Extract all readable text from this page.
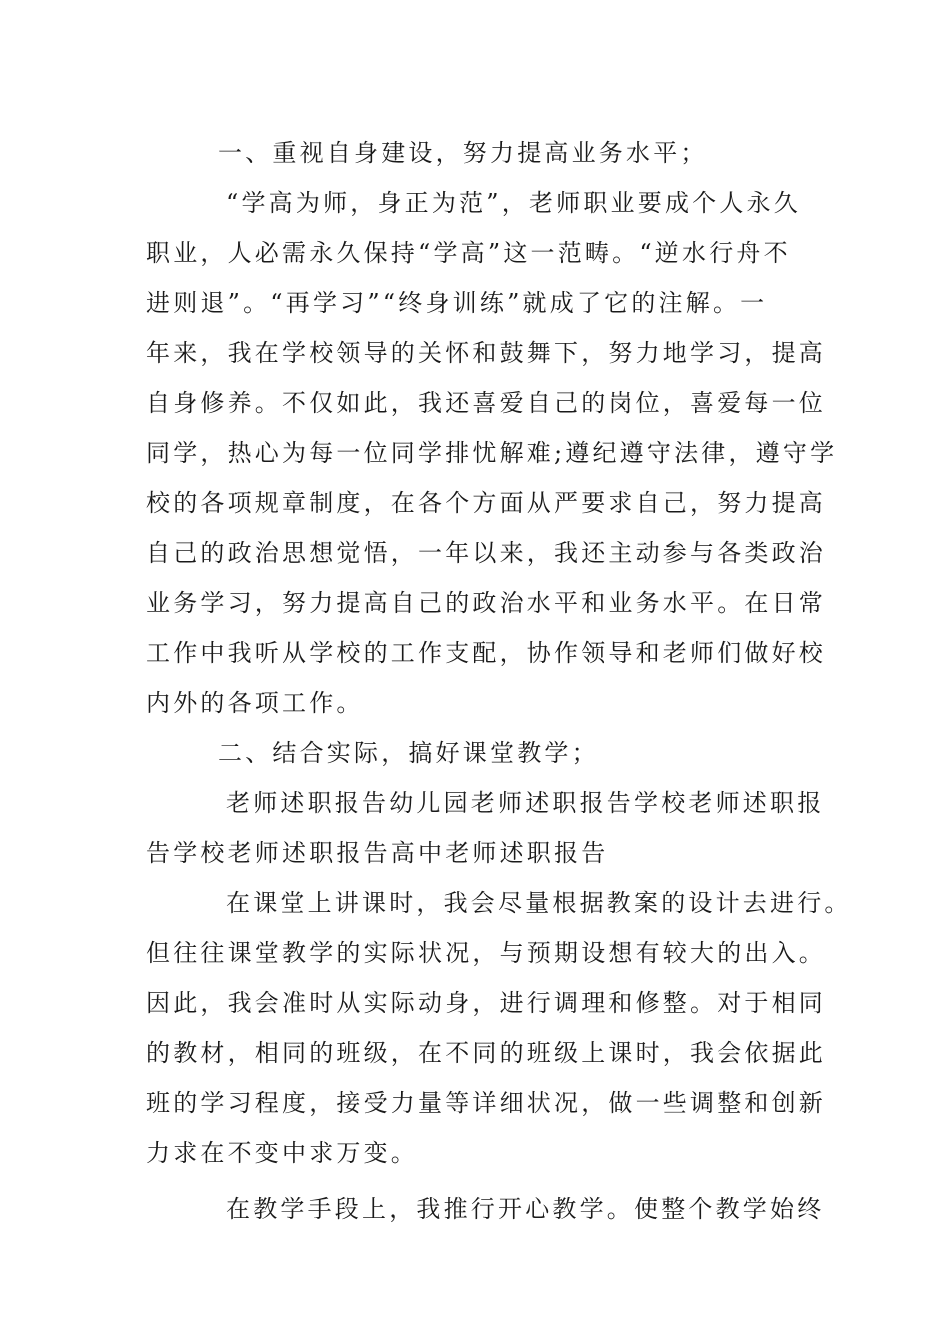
一、重视自身建设，努力提高业务水平；
“学高为师，身正为范”，老师职业要成个人永久
职业，人必需永久保持“学高”这一范畴。“逆水行舟不
进则退”。“再学习”“终身训练”就成了它的注解。一
年来，我在学校领导的关怀和鼓舞下，努力地学习，提高
自身修养。不仅如此，我还喜爱自己的岗位，喜爱每一位
同学，热心为每一位同学排忧解难;遵纪遵守法律，遵守学
校的各项规章制度，在各个方面从严要求自己，努力提高
自己的政治思想觉悟，一年以来，我还主动参与各类政治
业务学习，努力提高自己的政治水平和业务水平。在日常
工作中我听从学校的工作支配，协作领导和老师们做好校
内外的各项工作。
二、结合实际，搞好课堂教学；
老师述职报告幼儿园老师述职报告学校老师述职报
告学校老师述职报告高中老师述职报告
在课堂上讲课时，我会尽量根据教案的设计去进行。
但往往课堂教学的实际状况，与预期设想有较大的出入。
因此，我会准时从实际动身，进行调理和修整。对于相同
的教材，相同的班级，在不同的班级上课时，我会依据此
班的学习程度，接受力量等详细状况，做一些调整和创新
力求在不变中求万变。
在教学手段上，我推行开心教学。使整个教学始终
